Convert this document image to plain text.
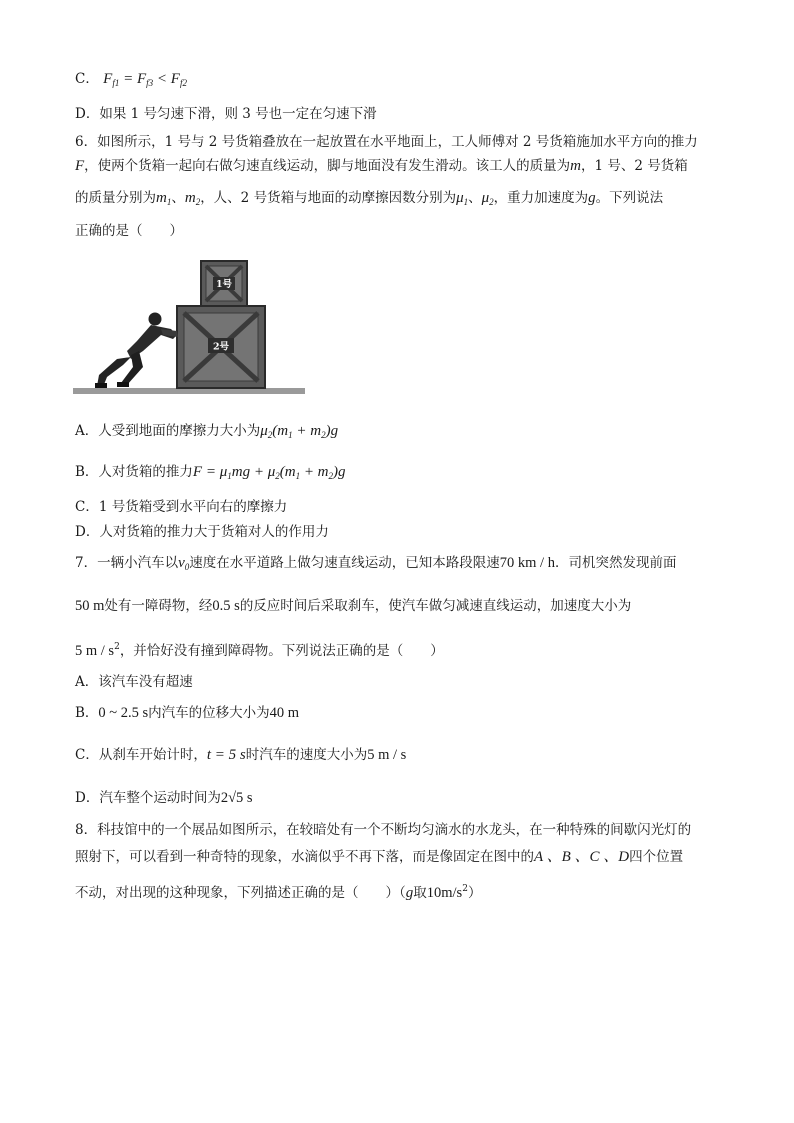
C． $F_{f1} = F_{f3} < F_{f2}$
D．如果 1 号匀速下滑，则 3 号也一定在匀速下滑
6．如图所示，1 号与 2 号货箱叠放在一起放置在水平地面上，工人师傅对 2 号货箱施加水平方向的推力
F，使两个货箱一起向右做匀速直线运动，脚与地面没有发生滑动。该工人的质量为m，1 号、2 号货箱
的质量分别为$m_1$、$m_2$，人、2 号货箱与地面的动摩擦因数分别为$\mu_1$、$\mu_2$，重力加速度为g。下列说法
正确的是（　　）
2号
1号
A．人受到地面的摩擦力大小为$\mu_2(m_1 + m_2)g$
B．人对货箱的推力$F = \mu_1mg + \mu_2(m_1 + m_2)g$
C．1 号货箱受到水平向右的摩擦力
D．人对货箱的推力大于货箱对人的作用力
7．一辆小汽车以$v_0$速度在水平道路上做匀速直线运动，已知本路段限速70 km / h．司机突然发现前面
50 m处有一障碍物，经0.5 s的反应时间后采取刹车，使汽车做匀减速直线运动，加速度大小为
5 m / $s^2$，并恰好没有撞到障碍物。下列说法正确的是（　　）
A．该汽车没有超速
B．0 ~ 2.5 s内汽车的位移大小为40 m
C．从刹车开始计时，t = 5 s时汽车的速度大小为5 m / s
D．汽车整个运动时间为2√5 s
8．科技馆中的一个展品如图所示，在较暗处有一个不断均匀滴水的水龙头，在一种特殊的间歇闪光灯的
照射下，可以看到一种奇特的现象，水滴似乎不再下落，而是像固定在图中的A 、B 、C 、D四个位置
不动，对出现的这种现象，下列描述正确的是（　　）（g取$10m/s^2$）
